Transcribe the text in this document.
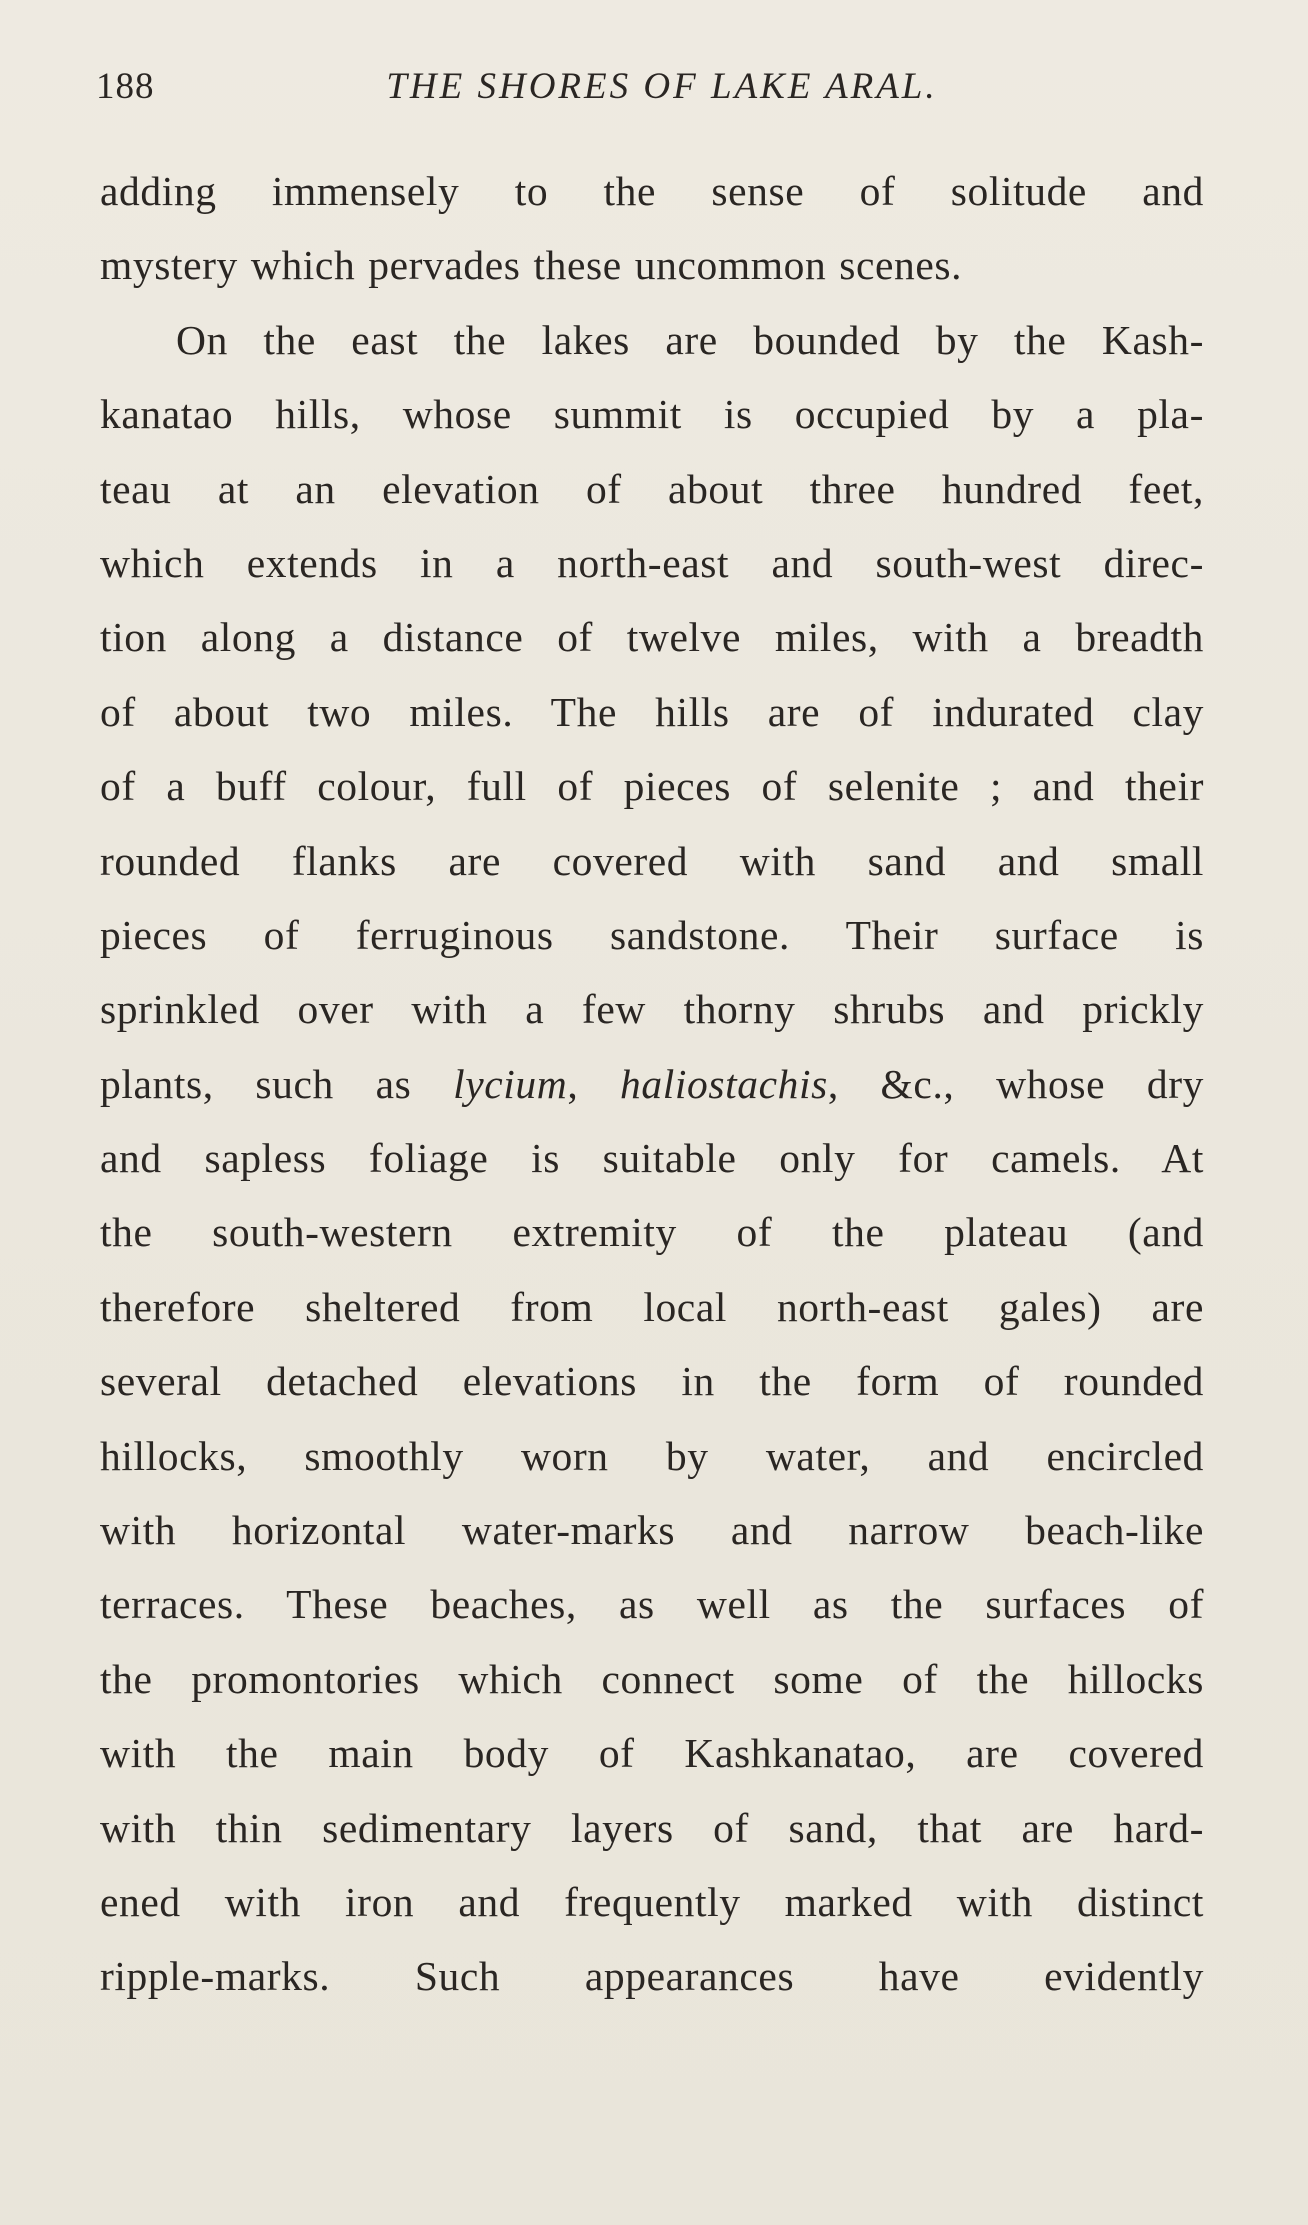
188	THE SHORES OF LAKE ARAL.
adding immensely to the sense of solitude and
mystery which pervades these uncommon scenes.
On the east the lakes are bounded by the Kash-
kanatao hills, whose summit is occupied by a pla-
teau at an elevation of about three hundred feet,
which extends in a north-east and south-west direc-
tion along a distance of twelve miles, with a breadth
of about two miles. The hills are of indurated clay
of a buff colour, full of pieces of selenite ; and their
rounded flanks are covered with sand and small
pieces of ferruginous sandstone. Their surface is
sprinkled over with a few thorny shrubs and prickly
plants, such as lycium, haliostachis, &c., whose dry
and sapless foliage is suitable only for camels. At
the south-western extremity of the plateau (and
therefore sheltered from local north-east gales) are
several detached elevations in the form of rounded
hillocks, smoothly worn by water, and encircled
with horizontal water-marks and narrow beach-like
terraces. These beaches, as well as the surfaces of
the promontories which connect some of the hillocks
with the main body of Kashkanatao, are covered
with thin sedimentary layers of sand, that are hard-
ened with iron and frequently marked with distinct
ripple-marks. Such appearances have evidently
